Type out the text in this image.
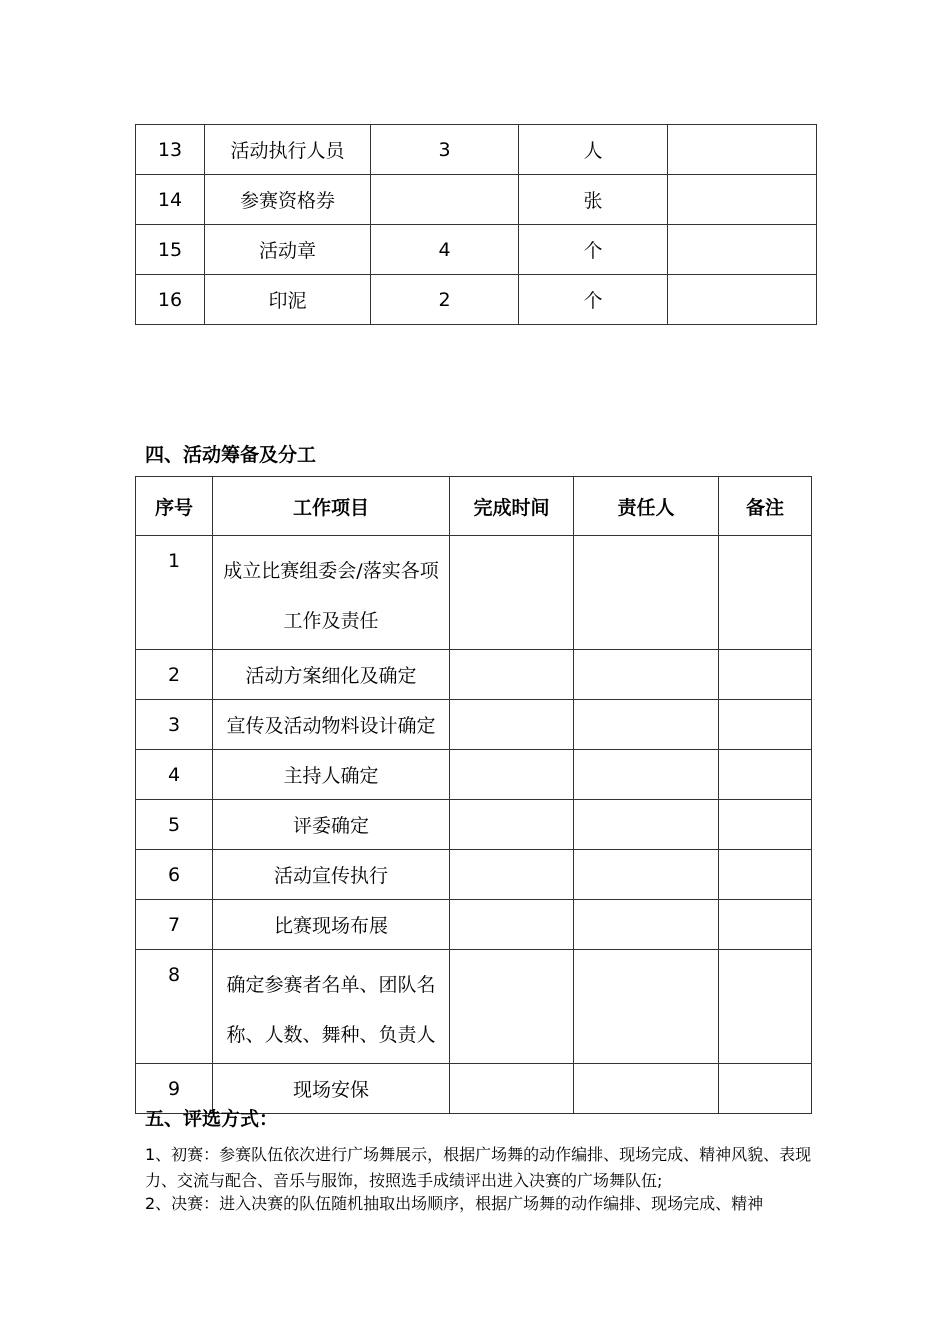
13	活动执行人员	3	人	
14	参赛资格券		张	
15	活动章	4	个	
16	印泥	2	个	
四、活动筹备及分工
序号	工作项目	完成时间	责任人	备注
1	成立比赛组委会/落实各项工作及责任			
2	活动方案细化及确定			
3	宣传及活动物料设计确定			
4	主持人确定			
5	评委确定			
6	活动宣传执行			
7	比赛现场布展			
8	确定参赛者名单、团队名称、人数、舞种、负责人			
9	现场安保			
五、评选方式：
1、初赛：参赛队伍依次进行广场舞展示，根据广场舞的动作编排、现场完成、精神风貌、表现力、交流与配合、音乐与服饰，按照选手成绩评出进入决赛的广场舞队伍;
2、决赛：进入决赛的队伍随机抽取出场顺序，根据广场舞的动作编排、现场完成、精神
